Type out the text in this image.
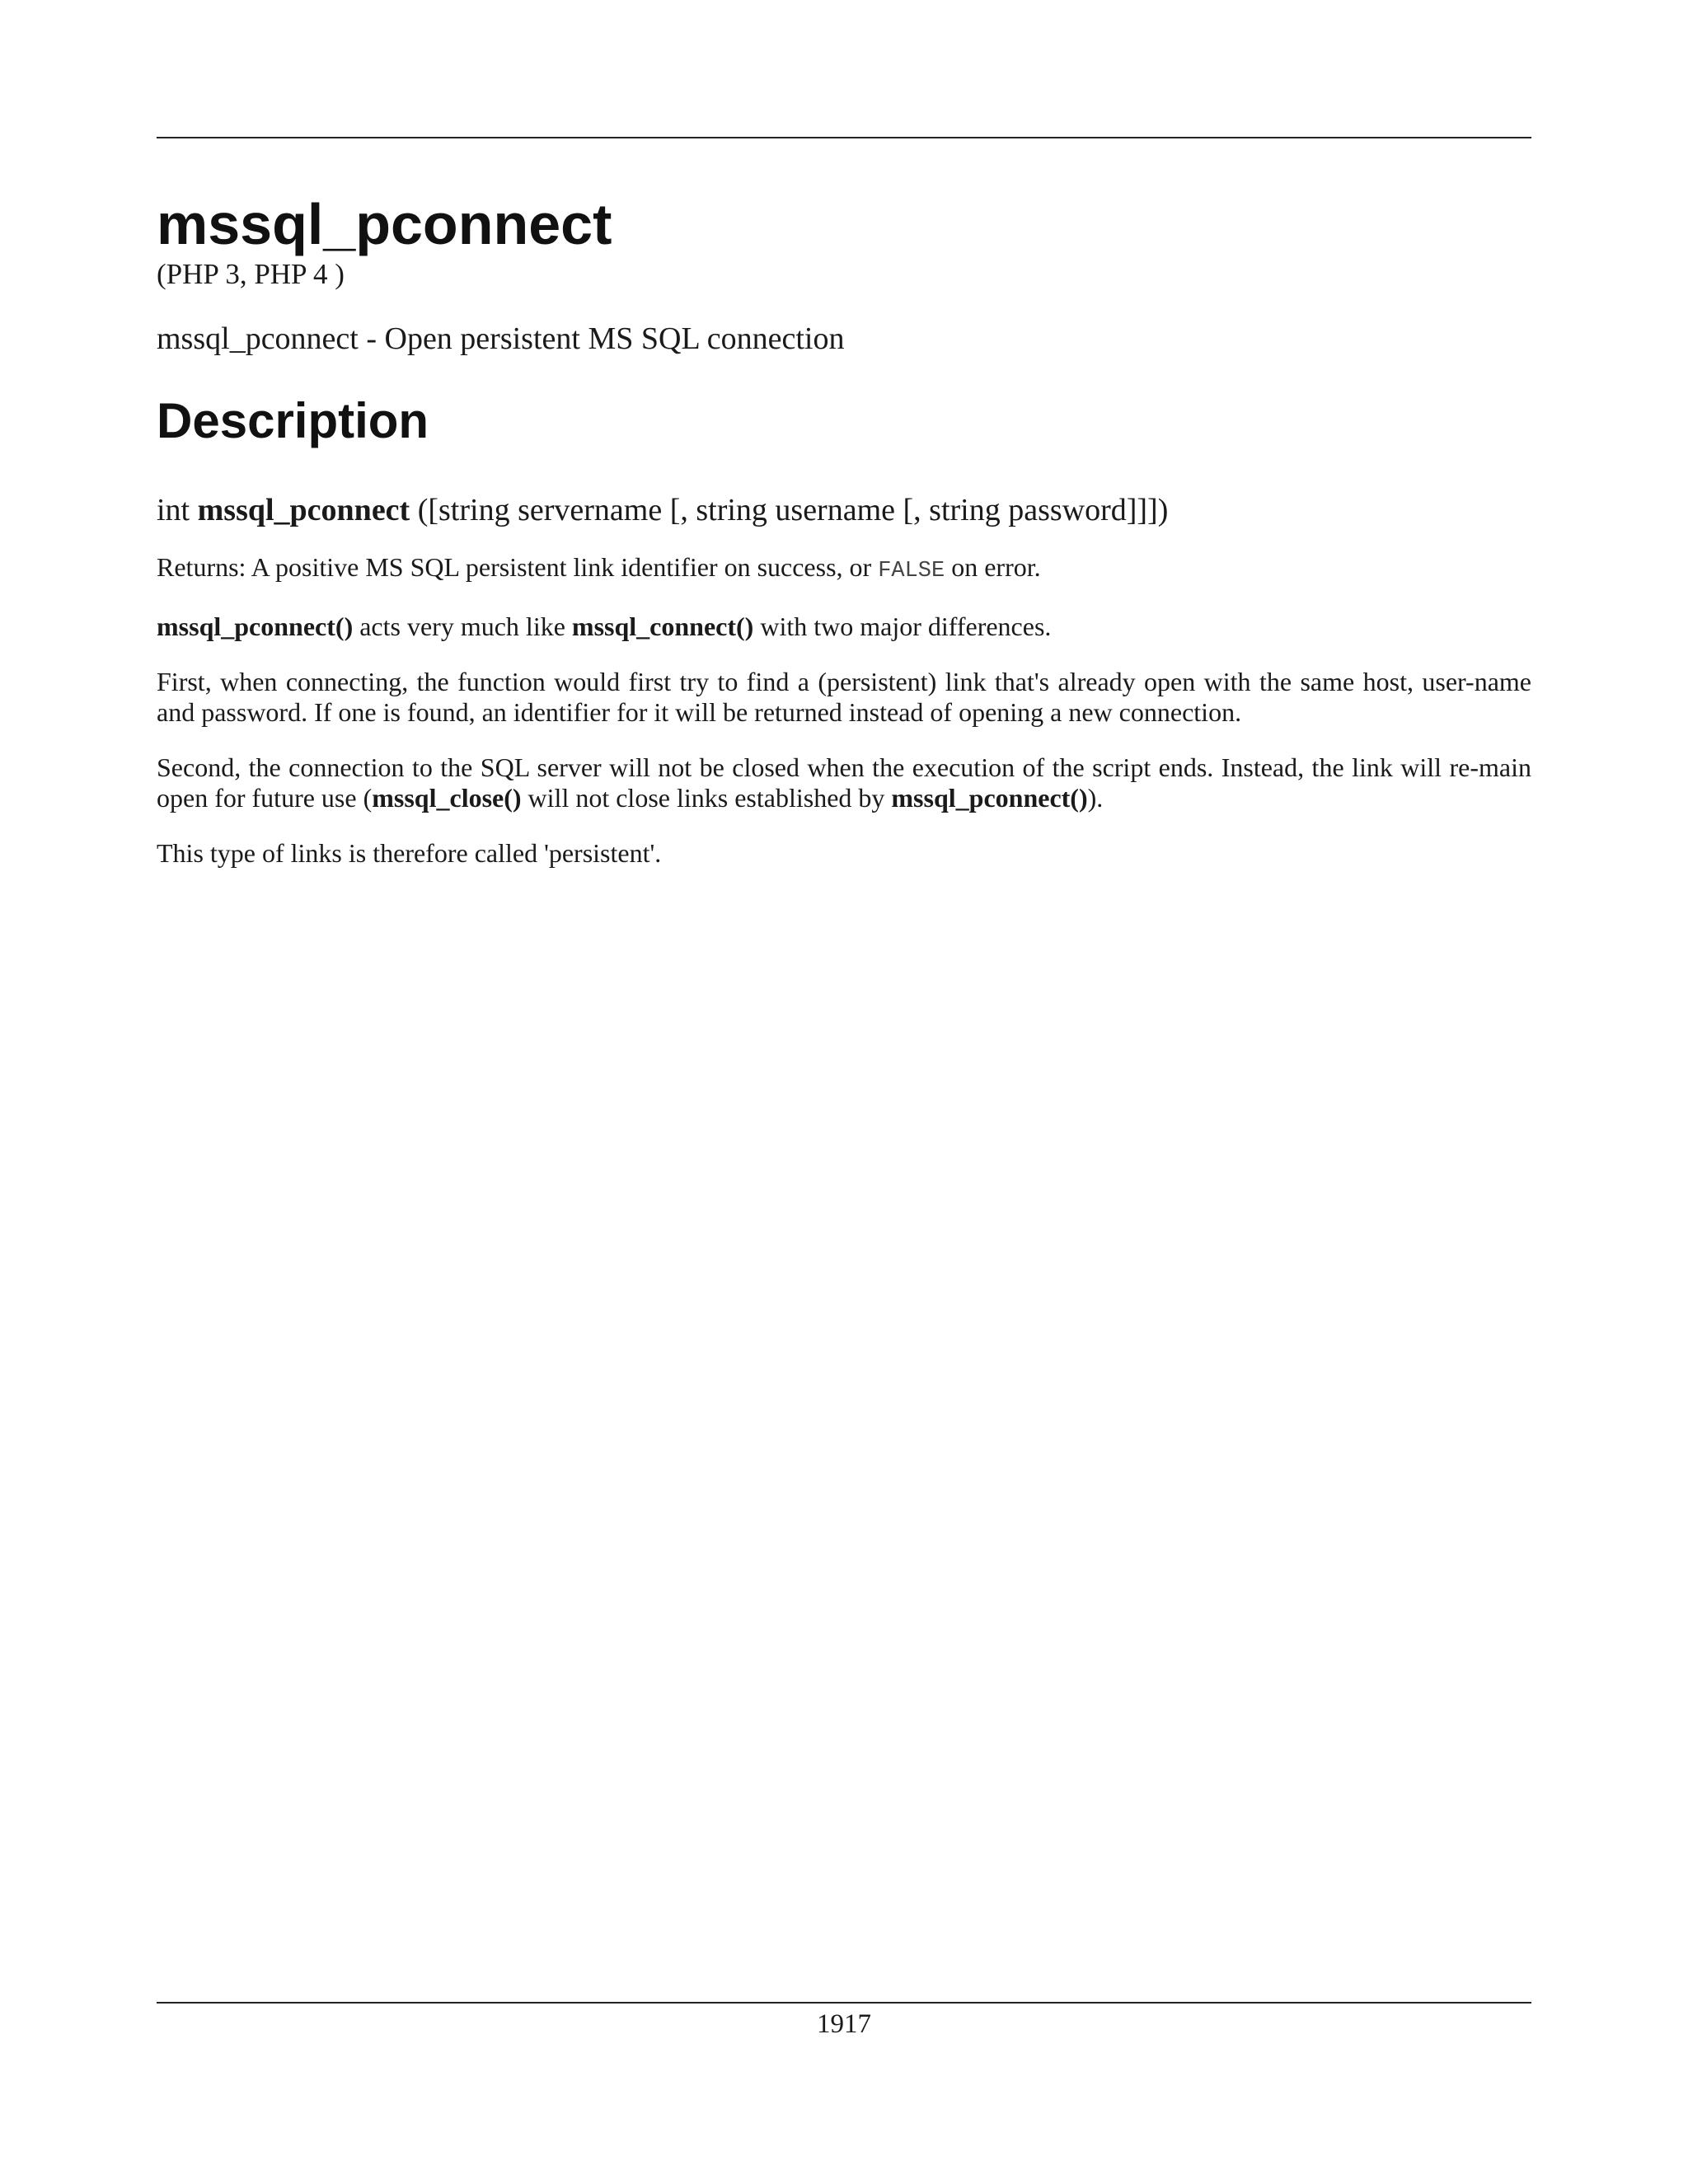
mssql_pconnect
(PHP 3, PHP 4 )
mssql_pconnect - Open persistent MS SQL connection
Description
int mssql_pconnect ([string servername [, string username [, string password]]])

Returns: A positive MS SQL persistent link identifier on success, or FALSE on error.

mssql_pconnect() acts very much like mssql_connect() with two major differences.

First, when connecting, the function would first try to find a (persistent) link that's already open with the same host, user-name and password. If one is found, an identifier for it will be returned instead of opening a new connection.

Second, the connection to the SQL server will not be closed when the execution of the script ends. Instead, the link will re-main open for future use (mssql_close() will not close links established by mssql_pconnect()).

This type of links is therefore called 'persistent'.

1917
